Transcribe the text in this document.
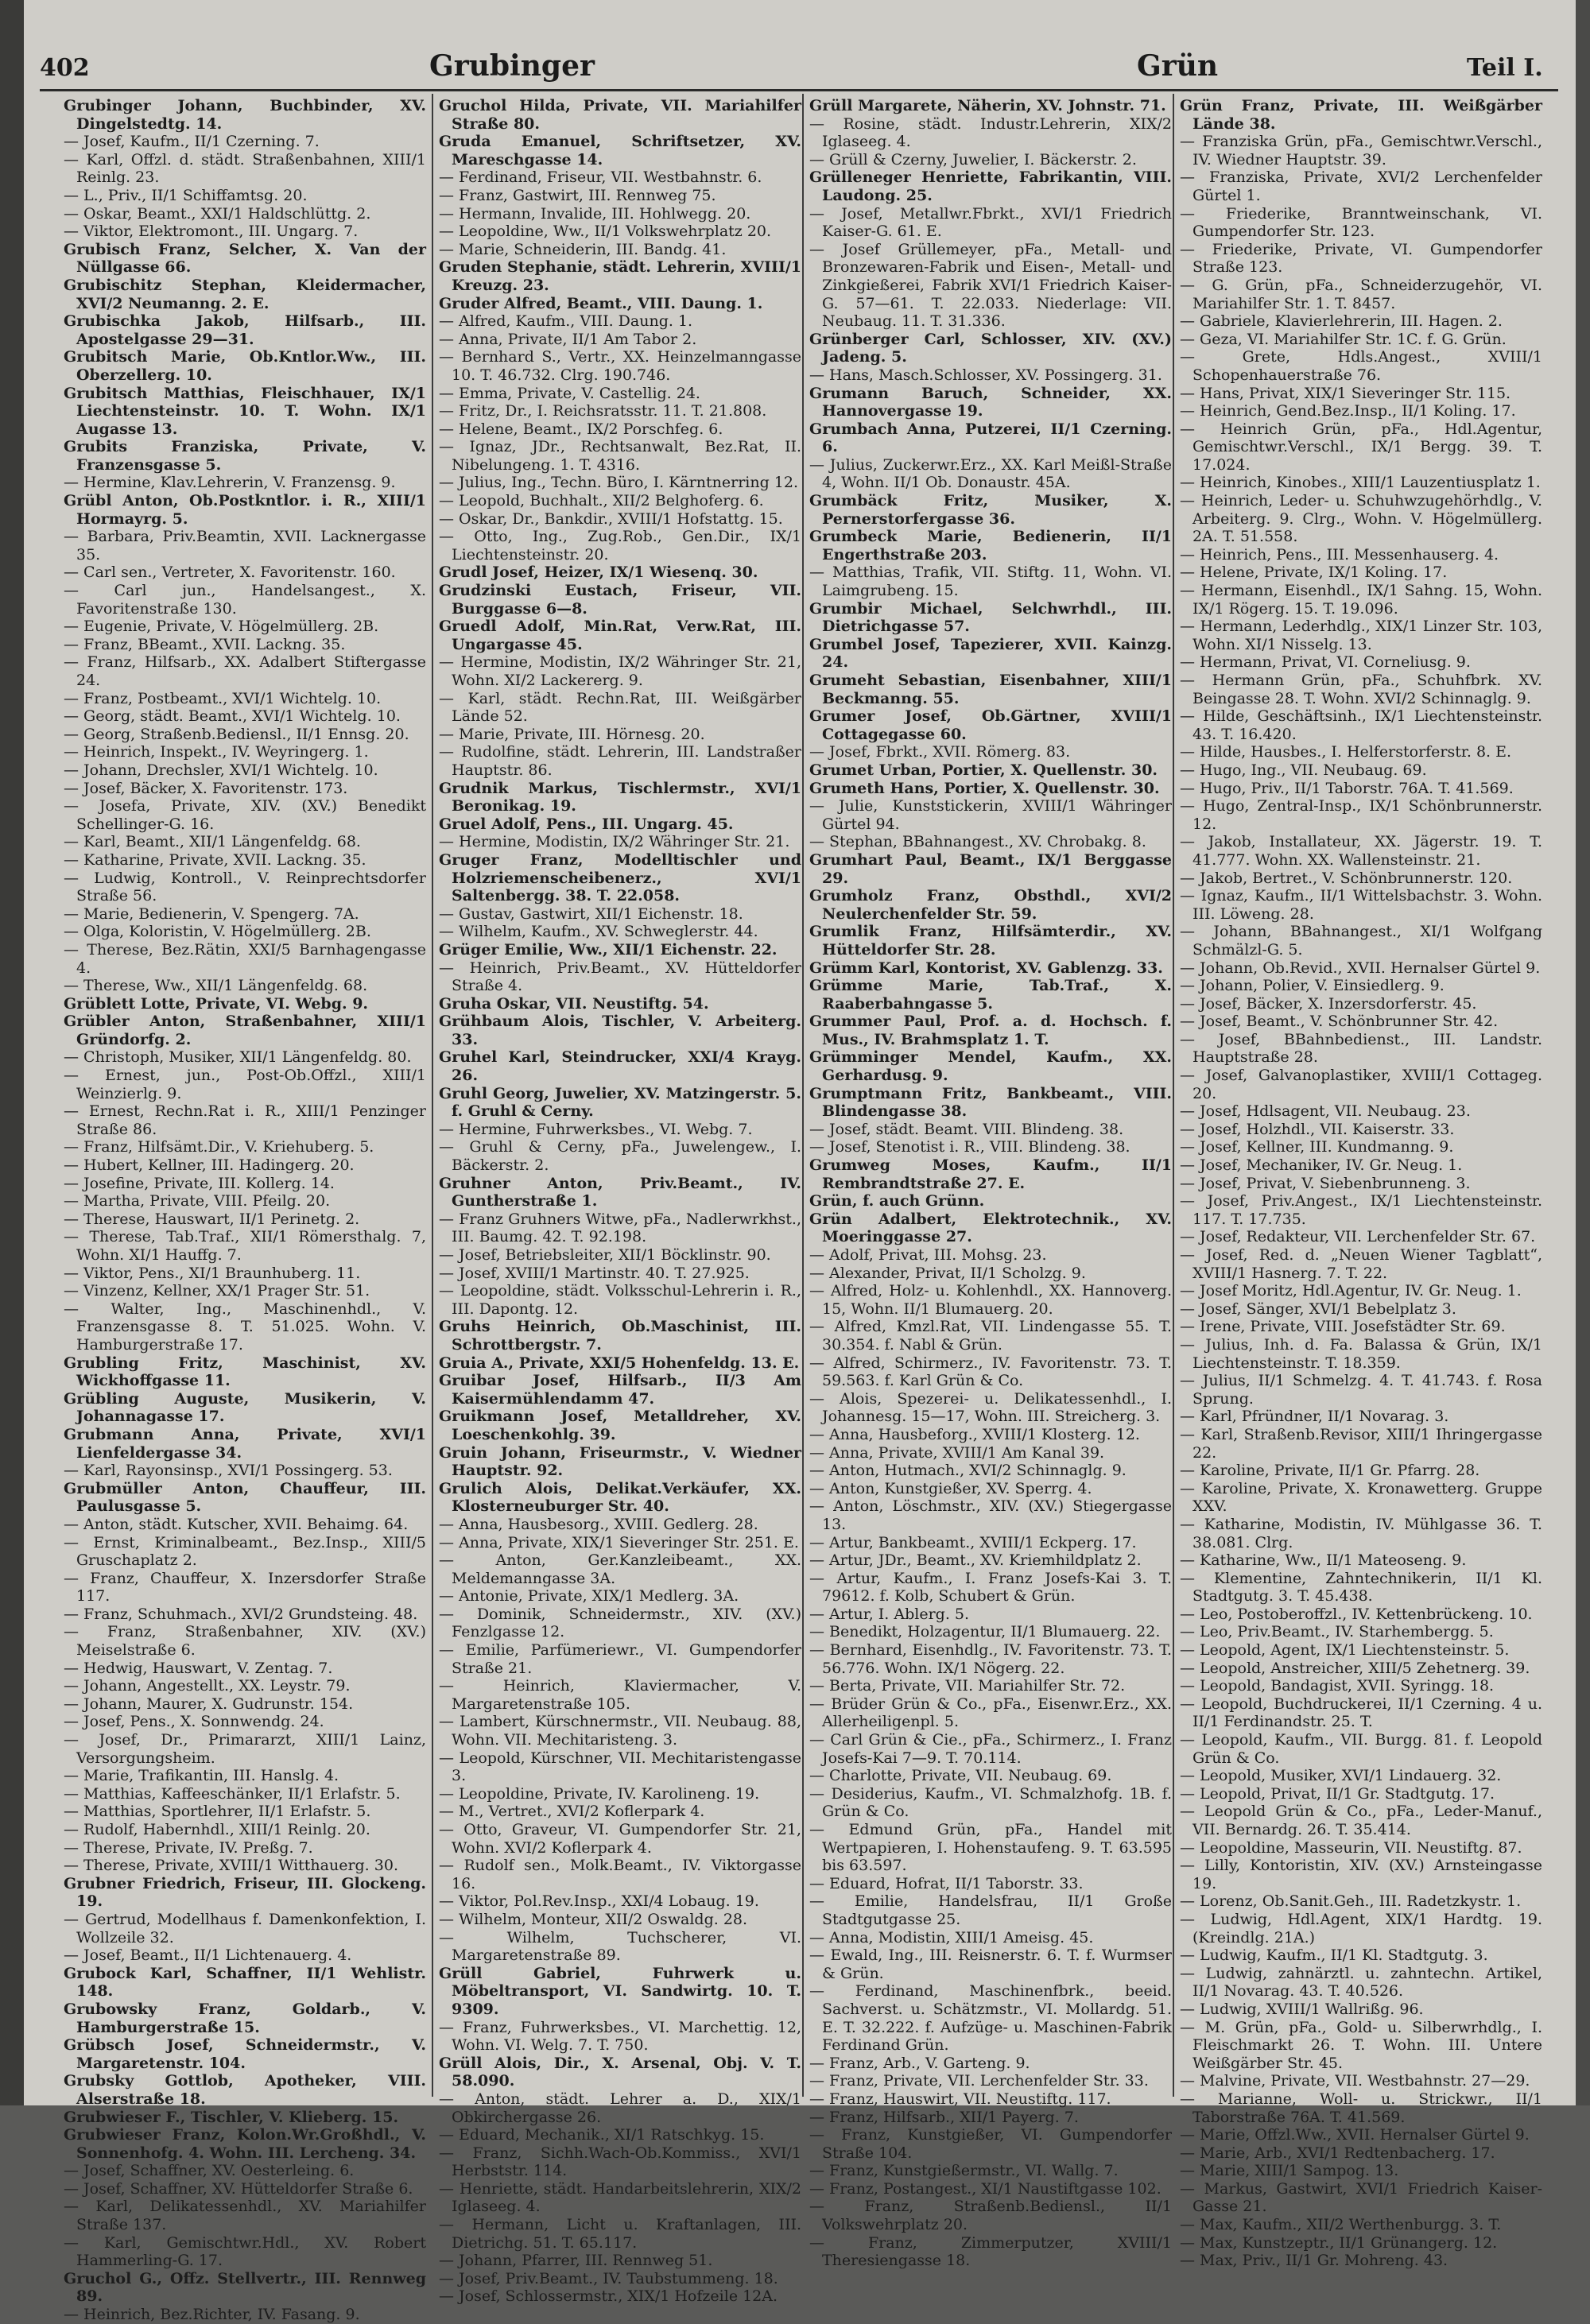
402	Grubinger	Grün	Teil I.

Grubinger Johann, Buchbinder, XV. Dingelstedtg. 14.

— Josef, Kaufm., II/1 Czerning. 7.

— Karl, Offzl. d. städt. Straßenbahnen, XIII/1 Reinlg. 23.

— L., Priv., II/1 Schiffamtsg. 20.

— Oskar, Beamt., XXI/1 Haldschlüttg. 2.

— Viktor, Elektromont., III. Ungarg. 7.

Grubisch Franz, Selcher, X. Van der Nüllgasse 66.

Grubischitz Stephan, Kleidermacher, XVI/2 Neumanng. 2. E.

Grubischka Jakob, Hilfsarb., III. Apostelgasse 29—31.

Grubitsch Marie, Ob.Kntlor.Ww., III. Oberzellerg. 10.

Grubitsch Matthias, Fleischhauer, IX/1 Liechtensteinstr. 10. T. Wohn. IX/1 Augasse 13.

Grubits Franziska, Private, V. Franzensgasse 5.

— Hermine, Klav.Lehrerin, V. Franzensg. 9.

Grübl Anton, Ob.Postkntlor. i. R., XIII/1 Hormayrg. 5.

— Barbara, Priv.Beamtin, XVII. Lacknergasse 35.

— Carl sen., Vertreter, X. Favoritenstr. 160.

— Carl jun., Handelsangest., X. Favoritenstraße 130.

— Eugenie, Private, V. Högelmüllerg. 2B.

— Franz, BBeamt., XVII. Lackng. 35.

— Franz, Hilfsarb., XX. Adalbert Stiftergasse 24.

— Franz, Postbeamt., XVI/1 Wichtelg. 10.

— Georg, städt. Beamt., XVI/1 Wichtelg. 10.

— Georg, Straßenb.Bediensl., II/1 Ennsg. 20.

— Heinrich, Inspekt., IV. Weyringerg. 1.

— Johann, Drechsler, XVI/1 Wichtelg. 10.

— Josef, Bäcker, X. Favoritenstr. 173.

— Josefa, Private, XIV. (XV.) Benedikt Schellinger-G. 16.

— Karl, Beamt., XII/1 Längenfeldg. 68.

— Katharine, Private, XVII. Lackng. 35.

— Ludwig, Kontroll., V. Reinprechtsdorfer Straße 56.

— Marie, Bedienerin, V. Spengerg. 7A.

— Olga, Koloristin, V. Högelmüllerg. 2B.

— Therese, Bez.Rätin, XXI/5 Barnhagengasse 4.

— Therese, Ww., XII/1 Längenfeldg. 68.

Grüblett Lotte, Private, VI. Webg. 9.

Grübler Anton, Straßenbahner, XIII/1 Gründorfg. 2.

— Christoph, Musiker, XII/1 Längenfeldg. 80.

— Ernest, jun., Post-Ob.Offzl., XIII/1 Weinzierlg. 9.

— Ernest, Rechn.Rat i. R., XIII/1 Penzinger Straße 86.

— Franz, Hilfsämt.Dir., V. Kriehuberg. 5.

— Hubert, Kellner, III. Hadingerg. 20.

— Josefine, Private, III. Kollerg. 14.

— Martha, Private, VIII. Pfeilg. 20.

— Therese, Hauswart, II/1 Perinetg. 2.

— Therese, Tab.Traf., XII/1 Römersthalg. 7, Wohn. XI/1 Hauffg. 7.

— Viktor, Pens., XI/1 Braunhuberg. 11.

— Vinzenz, Kellner, XX/1 Prager Str. 51.

— Walter, Ing., Maschinenhdl., V. Franzensgasse 8. T. 51.025. Wohn. V. Hamburgerstraße 17.

Grubling Fritz, Maschinist, XV. Wickhoffgasse 11.

Grübling Auguste, Musikerin, V. Johannagasse 17.

Grubmann Anna, Private, XVI/1 Lienfeldergasse 34.

— Karl, Rayonsinsp., XVI/1 Possingerg. 53.

Grubmüller Anton, Chauffeur, III. Paulusgasse 5.

— Anton, städt. Kutscher, XVII. Behaimg. 64.

— Ernst, Kriminalbeamt., Bez.Insp., XIII/5 Gruschaplatz 2.

— Franz, Chauffeur, X. Inzersdorfer Straße 117.

— Franz, Schuhmach., XVI/2 Grundsteing. 48.

— Franz, Straßenbahner, XIV. (XV.) Meiselstraße 6.

— Hedwig, Hauswart, V. Zentag. 7.

— Johann, Angestellt., XX. Leystr. 79.

— Johann, Maurer, X. Gudrunstr. 154.

— Josef, Pens., X. Sonnwendg. 24.

— Josef, Dr., Primararzt, XIII/1 Lainz, Versorgungsheim.

— Marie, Trafikantin, III. Hanslg. 4.

— Matthias, Kaffeeschänker, II/1 Erlafstr. 5.

— Matthias, Sportlehrer, II/1 Erlafstr. 5.

— Rudolf, Habernhdl., XIII/1 Reinlg. 20.

— Therese, Private, IV. Preßg. 7.

— Therese, Private, XVIII/1 Witthauerg. 30.

Grubner Friedrich, Friseur, III. Glockeng. 19.

— Gertrud, Modellhaus f. Damenkonfektion, I. Wollzeile 32.

— Josef, Beamt., II/1 Lichtenauerg. 4.

Grubock Karl, Schaffner, II/1 Wehlistr. 148.

Grubowsky Franz, Goldarb., V. Hamburgerstraße 15.

Grübsch Josef, Schneidermstr., V. Margaretenstr. 104.

Grubsky Gottlob, Apotheker, VIII. Alserstraße 18.

Grubwieser F., Tischler, V. Klieberg. 15.

Grubwieser Franz, Kolon.Wr.Großhdl., V. Sonnenhofg. 4. Wohn. III. Lercheng. 34.

— Josef, Schaffner, XV. Oesterleing. 6.

— Josef, Schaffner, XV. Hütteldorfer Straße 6.

— Karl, Delikatessenhdl., XV. Mariahilfer Straße 137.

— Karl, Gemischtwr.Hdl., XV. Robert Hammerling-G. 17.

Gruchol G., Offz. Stellvertr., III. Rennweg 89.

— Heinrich, Bez.Richter, IV. Fasang. 9.

Gruchol Hilda, Private, VII. Mariahilfer Straße 80.

Gruda Emanuel, Schriftsetzer, XV. Mareschgasse 14.

— Ferdinand, Friseur, VII. Westbahnstr. 6.

— Franz, Gastwirt, III. Rennweg 75.

— Hermann, Invalide, III. Hohlwegg. 20.

— Leopoldine, Ww., II/1 Volkswehrplatz 20.

— Marie, Schneiderin, III. Bandg. 41.

Gruden Stephanie, städt. Lehrerin, XVIII/1 Kreuzg. 23.

Gruder Alfred, Beamt., VIII. Daung. 1.

— Alfred, Kaufm., VIII. Daung. 1.

— Anna, Private, II/1 Am Tabor 2.

— Bernhard S., Vertr., XX. Heinzelmanngasse 10. T. 46.732. Clrg. 190.746.

— Emma, Private, V. Castellig. 24.

— Fritz, Dr., I. Reichsratsstr. 11. T. 21.808.

— Helene, Beamt., IX/2 Porschfeg. 6.

— Ignaz, JDr., Rechtsanwalt, Bez.Rat, II. Nibelungeng. 1. T. 4316.

— Julius, Ing., Techn. Büro, I. Kärntnerring 12.

— Leopold, Buchhalt., XII/2 Belghoferg. 6.

— Oskar, Dr., Bankdir., XVIII/1 Hofstattg. 15.

— Otto, Ing., Zug.Rob., Gen.Dir., IX/1 Liechtensteinstr. 20.

Grudl Josef, Heizer, IX/1 Wiesenq. 30.

Grudzinski Eustach, Friseur, VII. Burggasse 6—8.

Gruedl Adolf, Min.Rat, Verw.Rat, III. Ungargasse 45.

— Hermine, Modistin, IX/2 Währinger Str. 21, Wohn. XI/2 Lackererg. 9.

— Karl, städt. Rechn.Rat, III. Weißgärber Lände 52.

— Marie, Private, III. Hörnesg. 20.

— Rudolfine, städt. Lehrerin, III. Landstraßer Hauptstr. 86.

Grudnik Markus, Tischlermstr., XVI/1 Beronikag. 19.

Gruel Adolf, Pens., III. Ungarg. 45.

— Hermine, Modistin, IX/2 Währinger Str. 21.

Gruger Franz, Modelltischler und Holzriemenscheibenerz., XVI/1 Saltenbergg. 38. T. 22.058.

— Gustav, Gastwirt, XII/1 Eichenstr. 18.

— Wilhelm, Kaufm., XV. Schweglerstr. 44.

Grüger Emilie, Ww., XII/1 Eichenstr. 22.

— Heinrich, Priv.Beamt., XV. Hütteldorfer Straße 4.

Gruha Oskar, VII. Neustiftg. 54.

Grühbaum Alois, Tischler, V. Arbeiterg. 33.

Gruhel Karl, Steindrucker, XXI/4 Krayg. 26.

Gruhl Georg, Juwelier, XV. Matzingerstr. 5. f. Gruhl & Cerny.

— Hermine, Fuhrwerksbes., VI. Webg. 7.

— Gruhl & Cerny, pFa., Juwelengew., I. Bäckerstr. 2.

Gruhner Anton, Priv.Beamt., IV. Guntherstraße 1.

— Franz Gruhners Witwe, pFa., Nadlerwrkhst., III. Baumg. 42. T. 92.198.

— Josef, Betriebsleiter, XII/1 Böcklinstr. 90.

— Josef, XVIII/1 Martinstr. 40. T. 27.925.

— Leopoldine, städt. Volksschul-Lehrerin i. R., III. Dapontg. 12.

Gruhs Heinrich, Ob.Maschinist, III. Schrottbergstr. 7.

Gruia A., Private, XXI/5 Hohenfeldg. 13. E.

Gruibar Josef, Hilfsarb., II/3 Am Kaisermühlendamm 47.

Gruikmann Josef, Metalldreher, XV. Loeschenkohlg. 39.

Gruin Johann, Friseurmstr., V. Wiedner Hauptstr. 92.

Grulich Alois, Delikat.Verkäufer, XX. Klosterneuburger Str. 40.

— Anna, Hausbesorg., XVIII. Gedlerg. 28.

— Anna, Private, XIX/1 Sieveringer Str. 251. E.

— Anton, Ger.Kanzleibeamt., XX. Meldemanngasse 3A.

— Antonie, Private, XIX/1 Medlerg. 3A.

— Dominik, Schneidermstr., XIV. (XV.) Fenzlgasse 12.

— Emilie, Parfümeriewr., VI. Gumpendorfer Straße 21.

— Heinrich, Klaviermacher, V. Margaretenstraße 105.

— Lambert, Kürschnermstr., VII. Neubaug. 88, Wohn. VII. Mechitaristeng. 3.

— Leopold, Kürschner, VII. Mechitaristengasse 3.

— Leopoldine, Private, IV. Karolineng. 19.

— M., Vertret., XVI/2 Koflerpark 4.

— Otto, Graveur, VI. Gumpendorfer Str. 21, Wohn. XVI/2 Koflerpark 4.

— Rudolf sen., Molk.Beamt., IV. Viktorgasse 16.

— Viktor, Pol.Rev.Insp., XXI/4 Lobaug. 19.

— Wilhelm, Monteur, XII/2 Oswaldg. 28.

— Wilhelm, Tuchscherer, VI. Margaretenstraße 89.

Grüll Gabriel, Fuhrwerk u. Möbeltransport, VI. Sandwirtg. 10. T. 9309.

— Franz, Fuhrwerksbes., VI. Marchettig. 12, Wohn. VI. Welg. 7. T. 750.

Grüll Alois, Dir., X. Arsenal, Obj. V. T. 58.090.

— Anton, städt. Lehrer a. D., XIX/1 Obkirchergasse 26.

— Eduard, Mechanik., XI/1 Ratschkyg. 15.

— Franz, Sichh.Wach-Ob.Kommiss., XVI/1 Herbststr. 114.

— Henriette, städt. Handarbeitslehrerin, XIX/2 Iglaseeg. 4.

— Hermann, Licht u. Kraftanlagen, III. Dietrichg. 51. T. 65.117.

— Johann, Pfarrer, III. Rennweg 51.

— Josef, Priv.Beamt., IV. Taubstummeng. 18.

— Josef, Schlossermstr., XIX/1 Hofzeile 12A.

Grüll Margarete, Näherin, XV. Johnstr. 71.

— Rosine, städt. Industr.Lehrerin, XIX/2 Iglaseeg. 4.

— Grüll & Czerny, Juwelier, I. Bäckerstr. 2.

Grülleneger Henriette, Fabrikantin, VIII. Laudong. 25.

— Josef, Metallwr.Fbrkt., XVI/1 Friedrich Kaiser-G. 61. E.

— Josef Grüllemeyer, pFa., Metall- und Bronzewaren-Fabrik und Eisen-, Metall- und Zinkgießerei, Fabrik XVI/1 Friedrich Kaiser-G. 57—61. T. 22.033. Niederlage: VII. Neubaug. 11. T. 31.336.

Grünberger Carl, Schlosser, XIV. (XV.) Jadeng. 5.

— Hans, Masch.Schlosser, XV. Possingerg. 31.

Grumann Baruch, Schneider, XX. Hannovergasse 19.

Grumbach Anna, Putzerei, II/1 Czerning. 6.

— Julius, Zuckerwr.Erz., XX. Karl Meißl-Straße 4, Wohn. II/1 Ob. Donaustr. 45A.

Grumbäck Fritz, Musiker, X. Pernerstorfergasse 36.

Grumbeck Marie, Bedienerin, II/1 Engerthstraße 203.

— Matthias, Trafik, VII. Stiftg. 11, Wohn. VI. Laimgrubeng. 15.

Grumbir Michael, Selchwrhdl., III. Dietrichgasse 57.

Grumbel Josef, Tapezierer, XVII. Kainzg. 24.

Grumeht Sebastian, Eisenbahner, XIII/1 Beckmanng. 55.

Grumer Josef, Ob.Gärtner, XVIII/1 Cottagegasse 60.

— Josef, Fbrkt., XVII. Römerg. 83.

Grumet Urban, Portier, X. Quellenstr. 30.

Grumeth Hans, Portier, X. Quellenstr. 30.

— Julie, Kunststickerin, XVIII/1 Währinger Gürtel 94.

— Stephan, BBahnangest., XV. Chrobakg. 8.

Grumhart Paul, Beamt., IX/1 Berggasse 29.

Grumholz Franz, Obsthdl., XVI/2 Neulerchenfelder Str. 59.

Grumlik Franz, Hilfsämterdir., XV. Hütteldorfer Str. 28.

Grümm Karl, Kontorist, XV. Gablenzg. 33.

Grümme Marie, Tab.Traf., X. Raaberbahngasse 5.

Grummer Paul, Prof. a. d. Hochsch. f. Mus., IV. Brahmsplatz 1. T.

Grümminger Mendel, Kaufm., XX. Gerhardusg. 9.

Grumptmann Fritz, Bankbeamt., VIII. Blindengasse 38.

— Josef, städt. Beamt. VIII. Blindeng. 38.

— Josef, Stenotist i. R., VIII. Blindeng. 38.

Grumweg Moses, Kaufm., II/1 Rembrandtstraße 27. E.

Grün, f. auch Grünn.

Grün Adalbert, Elektrotechnik., XV. Moeringgasse 27.

— Adolf, Privat, III. Mohsg. 23.

— Alexander, Privat, II/1 Scholzg. 9.

— Alfred, Holz- u. Kohlenhdl., XX. Hannoverg. 15, Wohn. II/1 Blumauerg. 20.

— Alfred, Kmzl.Rat, VII. Lindengasse 55. T. 30.354. f. Nabl & Grün.

— Alfred, Schirmerz., IV. Favoritenstr. 73. T. 59.563. f. Karl Grün & Co.

— Alois, Spezerei- u. Delikatessenhdl., I. Johannesg. 15—17, Wohn. III. Streicherg. 3.

— Anna, Hausbeforg., XVIII/1 Klosterg. 12.

— Anna, Private, XVIII/1 Am Kanal 39.

— Anton, Hutmach., XVI/2 Schinnaglg. 9.

— Anton, Kunstgießer, XV. Sperrg. 4.

— Anton, Löschmstr., XIV. (XV.) Stiegergasse 13.

— Artur, Bankbeamt., XVIII/1 Eckperg. 17.

— Artur, JDr., Beamt., XV. Kriemhildplatz 2.

— Artur, Kaufm., I. Franz Josefs-Kai 3. T. 79612. f. Kolb, Schubert & Grün.

— Artur, I. Ablerg. 5.

— Benedikt, Holzagentur, II/1 Blumauerg. 22.

— Bernhard, Eisenhdlg., IV. Favoritenstr. 73. T. 56.776. Wohn. IX/1 Nögerg. 22.

— Berta, Private, VII. Mariahilfer Str. 72.

— Brüder Grün & Co., pFa., Eisenwr.Erz., XX. Allerheiligenpl. 5.

— Carl Grün & Cie., pFa., Schirmerz., I. Franz Josefs-Kai 7—9. T. 70.114.

— Charlotte, Private, VII. Neubaug. 69.

— Desiderius, Kaufm., VI. Schmalzhofg. 1B. f. Grün & Co.

— Edmund Grün, pFa., Handel mit Wertpapieren, I. Hohenstaufeng. 9. T. 63.595 bis 63.597.

— Eduard, Hofrat, II/1 Taborstr. 33.

— Emilie, Handelsfrau, II/1 Große Stadtgutgasse 25.

— Anna, Modistin, XIII/1 Ameisg. 45.

— Ewald, Ing., III. Reisnerstr. 6. T. f. Wurmser & Grün.

— Ferdinand, Maschinenfbrk., beeid. Sachverst. u. Schätzmstr., VI. Mollardg. 51. E. T. 32.222. f. Aufzüge- u. Maschinen-Fabrik Ferdinand Grün.

— Franz, Arb., V. Garteng. 9.

— Franz, Private, VII. Lerchenfelder Str. 33.

— Franz, Hauswirt, VII. Neustiftg. 117.

— Franz, Hilfsarb., XII/1 Payerg. 7.

— Franz, Kunstgießer, VI. Gumpendorfer Straße 104.

— Franz, Kunstgießermstr., VI. Wallg. 7.

— Franz, Postangest., XI/1 Naustiftgasse 102.

— Franz, Straßenb.Bediensl., II/1 Volkswehrplatz 20.

— Franz, Zimmerputzer, XVIII/1 Theresiengasse 18.

Grün Franz, Private, III. Weißgärber Lände 38.

— Franziska Grün, pFa., Gemischtwr.Verschl., IV. Wiedner Hauptstr. 39.

— Franziska, Private, XVI/2 Lerchenfelder Gürtel 1.

— Friederike, Branntweinschank, VI. Gumpendorfer Str. 123.

— Friederike, Private, VI. Gumpendorfer Straße 123.

— G. Grün, pFa., Schneiderzugehör, VI. Mariahilfer Str. 1. T. 8457.

— Gabriele, Klavierlehrerin, III. Hagen. 2.

— Geza, VI. Mariahilfer Str. 1C. f. G. Grün.

— Grete, Hdls.Angest., XVIII/1 Schopenhauerstraße 76.

— Hans, Privat, XIX/1 Sieveringer Str. 115.

— Heinrich, Gend.Bez.Insp., II/1 Koling. 17.

— Heinrich Grün, pFa., Hdl.Agentur, Gemischtwr.Verschl., IX/1 Bergg. 39. T. 17.024.

— Heinrich, Kinobes., XIII/1 Lauzentiusplatz 1.

— Heinrich, Leder- u. Schuhwzugehörhdlg., V. Arbeiterg. 9. Clrg., Wohn. V. Högelmüllerg. 2A. T. 51.558.

— Heinrich, Pens., III. Messenhauserg. 4.

— Helene, Private, IX/1 Koling. 17.

— Hermann, Eisenhdl., IX/1 Sahng. 15, Wohn. IX/1 Rögerg. 15. T. 19.096.

— Hermann, Lederhdlg., XIX/1 Linzer Str. 103, Wohn. XI/1 Nisselg. 13.

— Hermann, Privat, VI. Corneliusg. 9.

— Hermann Grün, pFa., Schuhfbrk. XV. Beingasse 28. T. Wohn. XVI/2 Schinnaglg. 9.

— Hilde, Geschäftsinh., IX/1 Liechtensteinstr. 43. T. 16.420.

— Hilde, Hausbes., I. Helferstorferstr. 8. E.

— Hugo, Ing., VII. Neubaug. 69.

— Hugo, Priv., II/1 Taborstr. 76A. T. 41.569.

— Hugo, Zentral-Insp., IX/1 Schönbrunnerstr. 12.

— Jakob, Installateur, XX. Jägerstr. 19. T. 41.777. Wohn. XX. Wallensteinstr. 21.

— Jakob, Bertret., V. Schönbrunnerstr. 120.

— Ignaz, Kaufm., II/1 Wittelsbachstr. 3. Wohn. III. Löweng. 28.

— Johann, BBahnangest., XI/1 Wolfgang Schmälzl-G. 5.

— Johann, Ob.Revid., XVII. Hernalser Gürtel 9.

— Johann, Polier, V. Einsiedlerg. 9.

— Josef, Bäcker, X. Inzersdorferstr. 45.

— Josef, Beamt., V. Schönbrunner Str. 42.

— Josef, BBahnbedienst., III. Landstr. Hauptstraße 28.

— Josef, Galvanoplastiker, XVIII/1 Cottageg. 20.

— Josef, Hdlsagent, VII. Neubaug. 23.

— Josef, Holzhdl., VII. Kaiserstr. 33.

— Josef, Kellner, III. Kundmanng. 9.

— Josef, Mechaniker, IV. Gr. Neug. 1.

— Josef, Privat, V. Siebenbrunneng. 3.

— Josef, Priv.Angest., IX/1 Liechtensteinstr. 117. T. 17.735.

— Josef, Redakteur, VII. Lerchenfelder Str. 67.

— Josef, Red. d. „Neuen Wiener Tagblatt“, XVIII/1 Hasnerg. 7. T. 22.

— Josef Moritz, Hdl.Agentur, IV. Gr. Neug. 1.

— Josef, Sänger, XVI/1 Bebelplatz 3.

— Irene, Private, VIII. Josefstädter Str. 69.

— Julius, Inh. d. Fa. Balassa & Grün, IX/1 Liechtensteinstr. T. 18.359.

— Julius, II/1 Schmelzg. 4. T. 41.743. f. Rosa Sprung.

— Karl, Pfründner, II/1 Novarag. 3.

— Karl, Straßenb.Revisor, XIII/1 Ihringergasse 22.

— Karoline, Private, II/1 Gr. Pfarrg. 28.

— Karoline, Private, X. Kronawetterg. Gruppe XXV.

— Katharine, Modistin, IV. Mühlgasse 36. T. 38.081. Clrg.

— Katharine, Ww., II/1 Mateoseng. 9.

— Klementine, Zahntechnikerin, II/1 Kl. Stadtgutg. 3. T. 45.438.

— Leo, Postoberoffzl., IV. Kettenbrückeng. 10.

— Leo, Priv.Beamt., IV. Starhembergg. 5.

— Leopold, Agent, IX/1 Liechtensteinstr. 5.

— Leopold, Anstreicher, XIII/5 Zehetnerg. 39.

— Leopold, Bandagist, XVII. Syringg. 18.

— Leopold, Buchdruckerei, II/1 Czerning. 4 u. II/1 Ferdinandstr. 25. T.

— Leopold, Kaufm., VII. Burgg. 81. f. Leopold Grün & Co.

— Leopold, Musiker, XVI/1 Lindauerg. 32.

— Leopold, Privat, II/1 Gr. Stadtgutg. 17.

— Leopold Grün & Co., pFa., Leder-Manuf., VII. Bernardg. 26. T. 35.414.

— Leopoldine, Masseurin, VII. Neustiftg. 87.

— Lilly, Kontoristin, XIV. (XV.) Arnsteingasse 19.

— Lorenz, Ob.Sanit.Geh., III. Radetzkystr. 1.

— Ludwig, Hdl.Agent, XIX/1 Hardtg. 19. (Kreindlg. 21A.)

— Ludwig, Kaufm., II/1 Kl. Stadtgutg. 3.

— Ludwig, zahnärztl. u. zahntechn. Artikel, II/1 Novarag. 43. T. 40.526.

— Ludwig, XVIII/1 Wallrißg. 96.

— M. Grün, pFa., Gold- u. Silberwrhdlg., I. Fleischmarkt 26. T. Wohn. III. Untere Weißgärber Str. 45.

— Malvine, Private, VII. Westbahnstr. 27—29.

— Marianne, Woll- u. Strickwr., II/1 Taborstraße 76A. T. 41.569.

— Marie, Offzl.Ww., XVII. Hernalser Gürtel 9.

— Marie, Arb., XVI/1 Redtenbacherg. 17.

— Marie, XIII/1 Sampog. 13.

— Markus, Gastwirt, XVI/1 Friedrich Kaiser-Gasse 21.

— Max, Kaufm., XII/2 Werthenburgg. 3. T.

— Max, Kunstzeptr., II/1 Grünangerg. 12.

— Max, Priv., II/1 Gr. Mohreng. 43.
